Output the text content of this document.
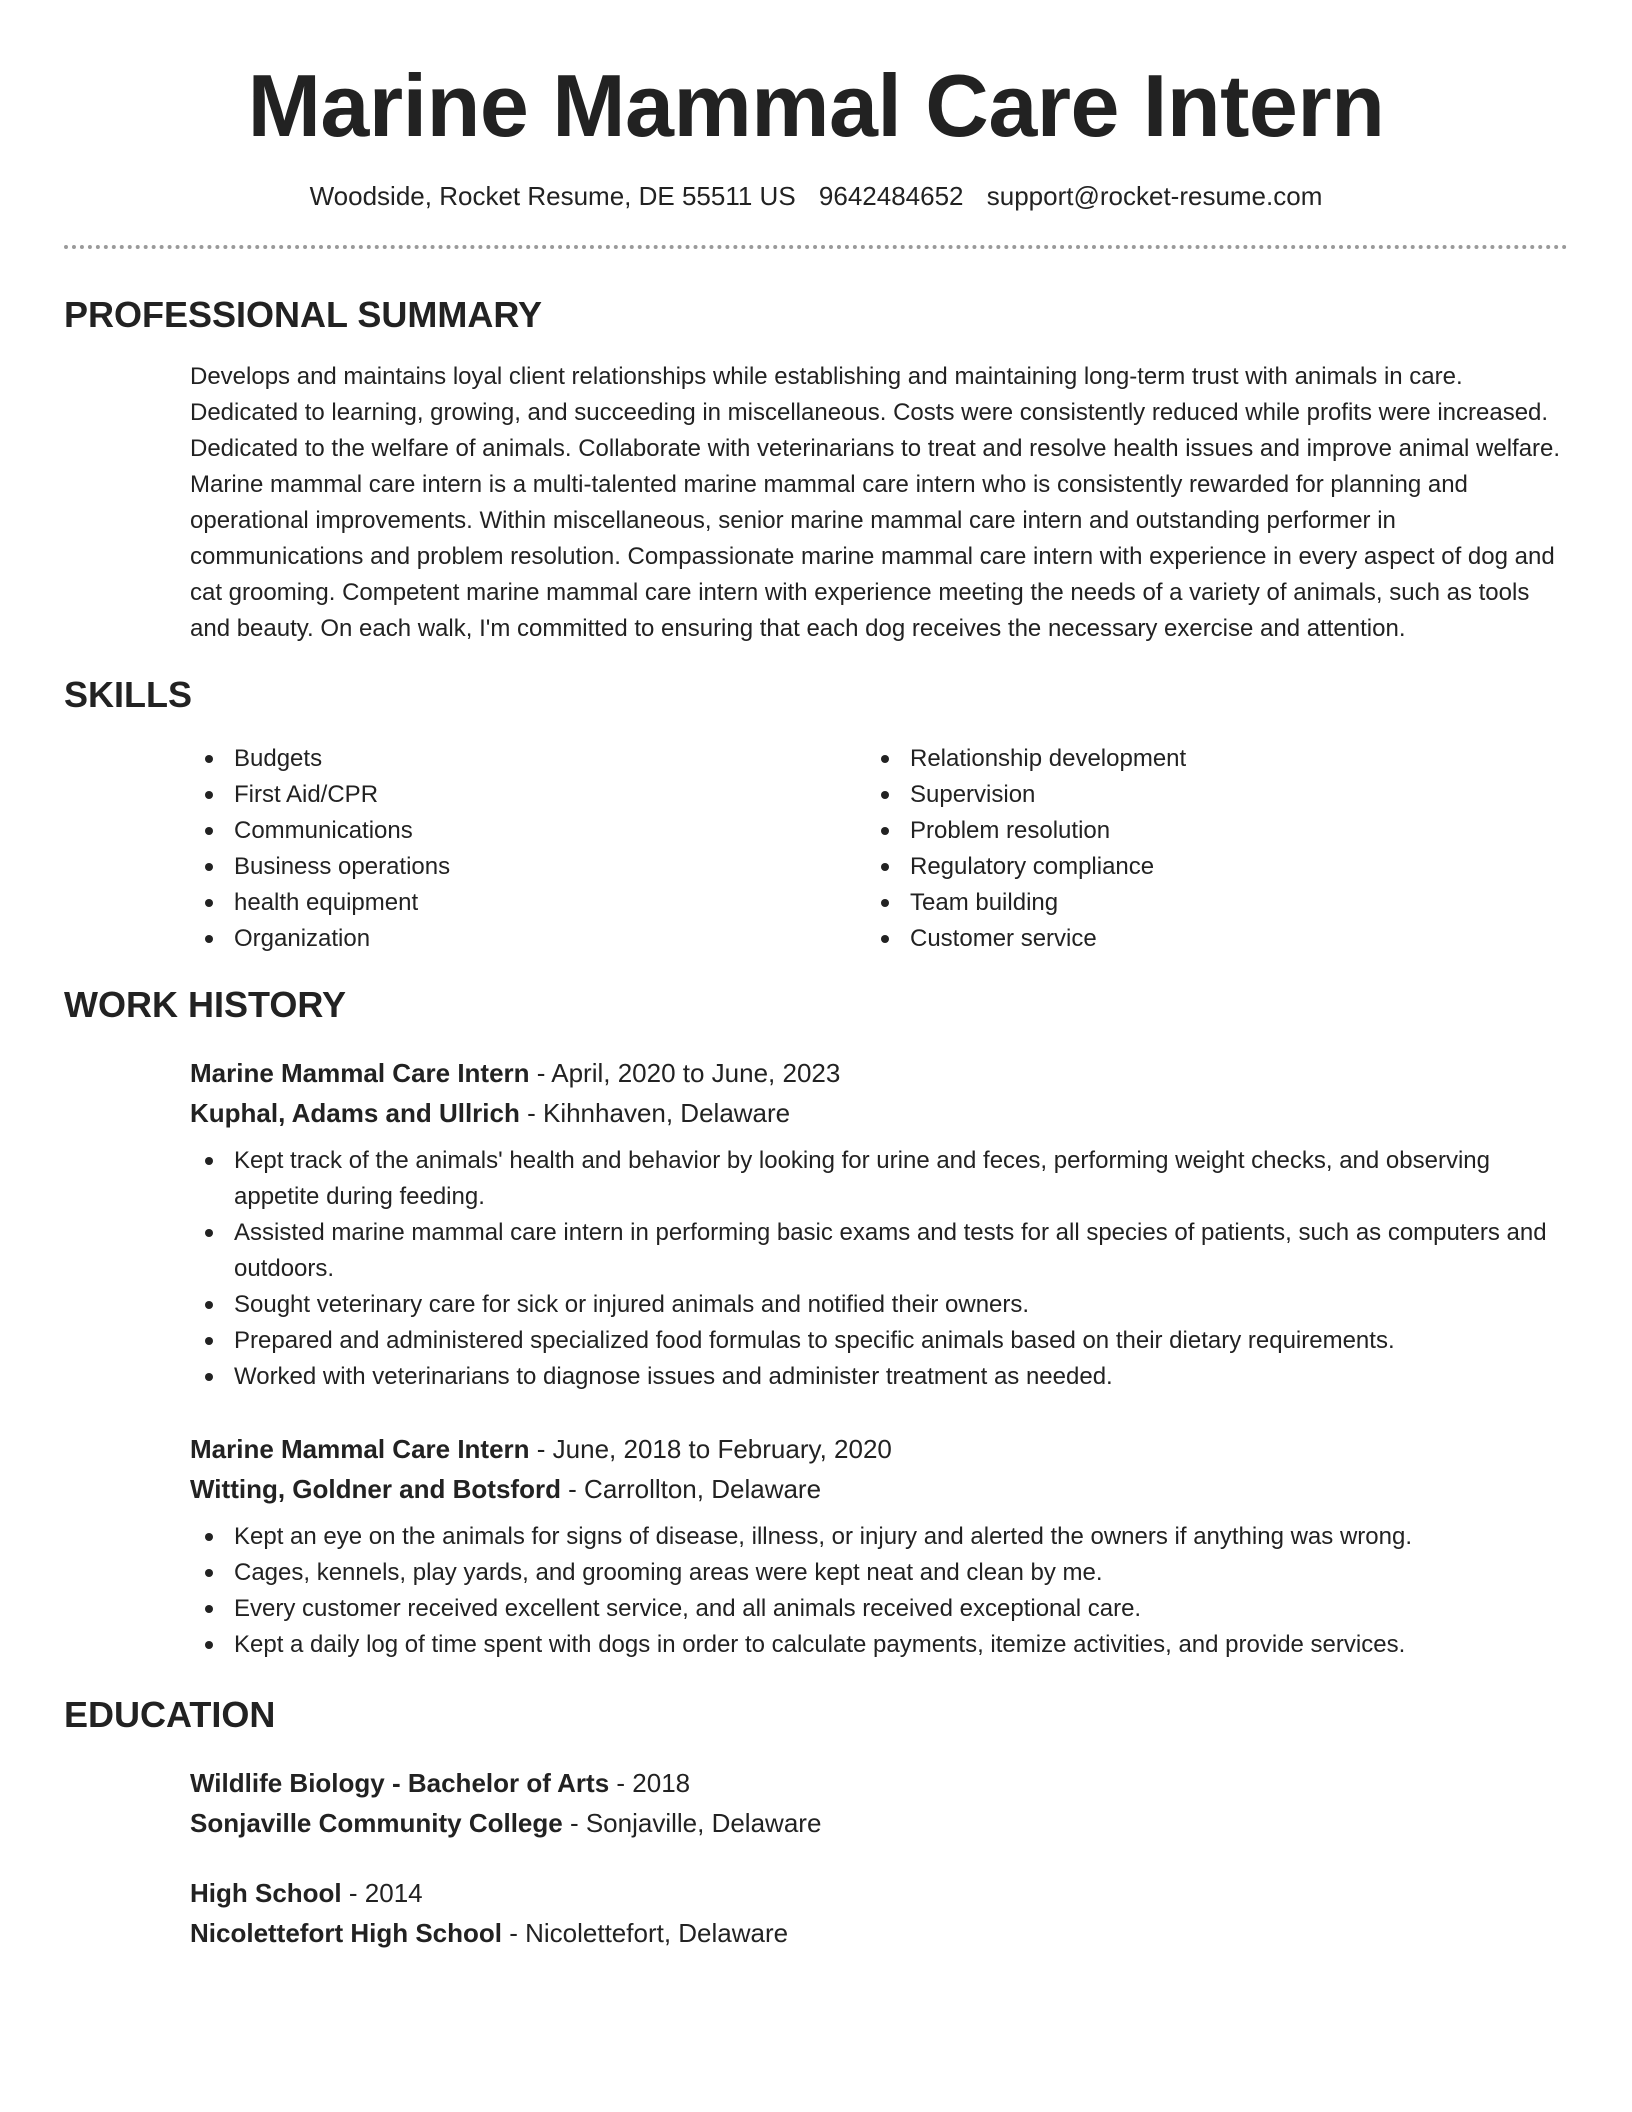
Marine Mammal Care Intern
Woodside, Rocket Resume, DE 55511 US 9642484652 support@rocket-resume.com
PROFESSIONAL SUMMARY

Develops and maintains loyal client relationships while establishing and maintaining long-term trust with animals in care. Dedicated to learning, growing, and succeeding in miscellaneous. Costs were consistently reduced while profits were increased. Dedicated to the welfare of animals. Collaborate with veterinarians to treat and resolve health issues and improve animal welfare. Marine mammal care intern is a multi-talented marine mammal care intern who is consistently rewarded for planning and operational improvements. Within miscellaneous, senior marine mammal care intern and outstanding performer in communications and problem resolution. Compassionate marine mammal care intern with experience in every aspect of dog and cat grooming. Competent marine mammal care intern with experience meeting the needs of a variety of animals, such as tools and beauty. On each walk, I'm committed to ensuring that each dog receives the necessary exercise and attention.

SKILLS
Budgets
First Aid/CPR
Communications
Business operations
health equipment
Organization
Relationship development
Supervision
Problem resolution
Regulatory compliance
Team building
Customer service
WORK HISTORY
Marine Mammal Care Intern - April, 2020 to June, 2023
Kuphal, Adams and Ullrich - Kihnhaven, Delaware
Kept track of the animals' health and behavior by looking for urine and feces, performing weight checks, and observing appetite during feeding.
Assisted marine mammal care intern in performing basic exams and tests for all species of patients, such as computers and outdoors.
Sought veterinary care for sick or injured animals and notified their owners.
Prepared and administered specialized food formulas to specific animals based on their dietary requirements.
Worked with veterinarians to diagnose issues and administer treatment as needed.
Marine Mammal Care Intern - June, 2018 to February, 2020
Witting, Goldner and Botsford - Carrollton, Delaware
Kept an eye on the animals for signs of disease, illness, or injury and alerted the owners if anything was wrong.
Cages, kennels, play yards, and grooming areas were kept neat and clean by me.
Every customer received excellent service, and all animals received exceptional care.
Kept a daily log of time spent with dogs in order to calculate payments, itemize activities, and provide services.
EDUCATION
Wildlife Biology - Bachelor of Arts - 2018
Sonjaville Community College - Sonjaville, Delaware
High School - 2014
Nicolettefort High School - Nicolettefort, Delaware
